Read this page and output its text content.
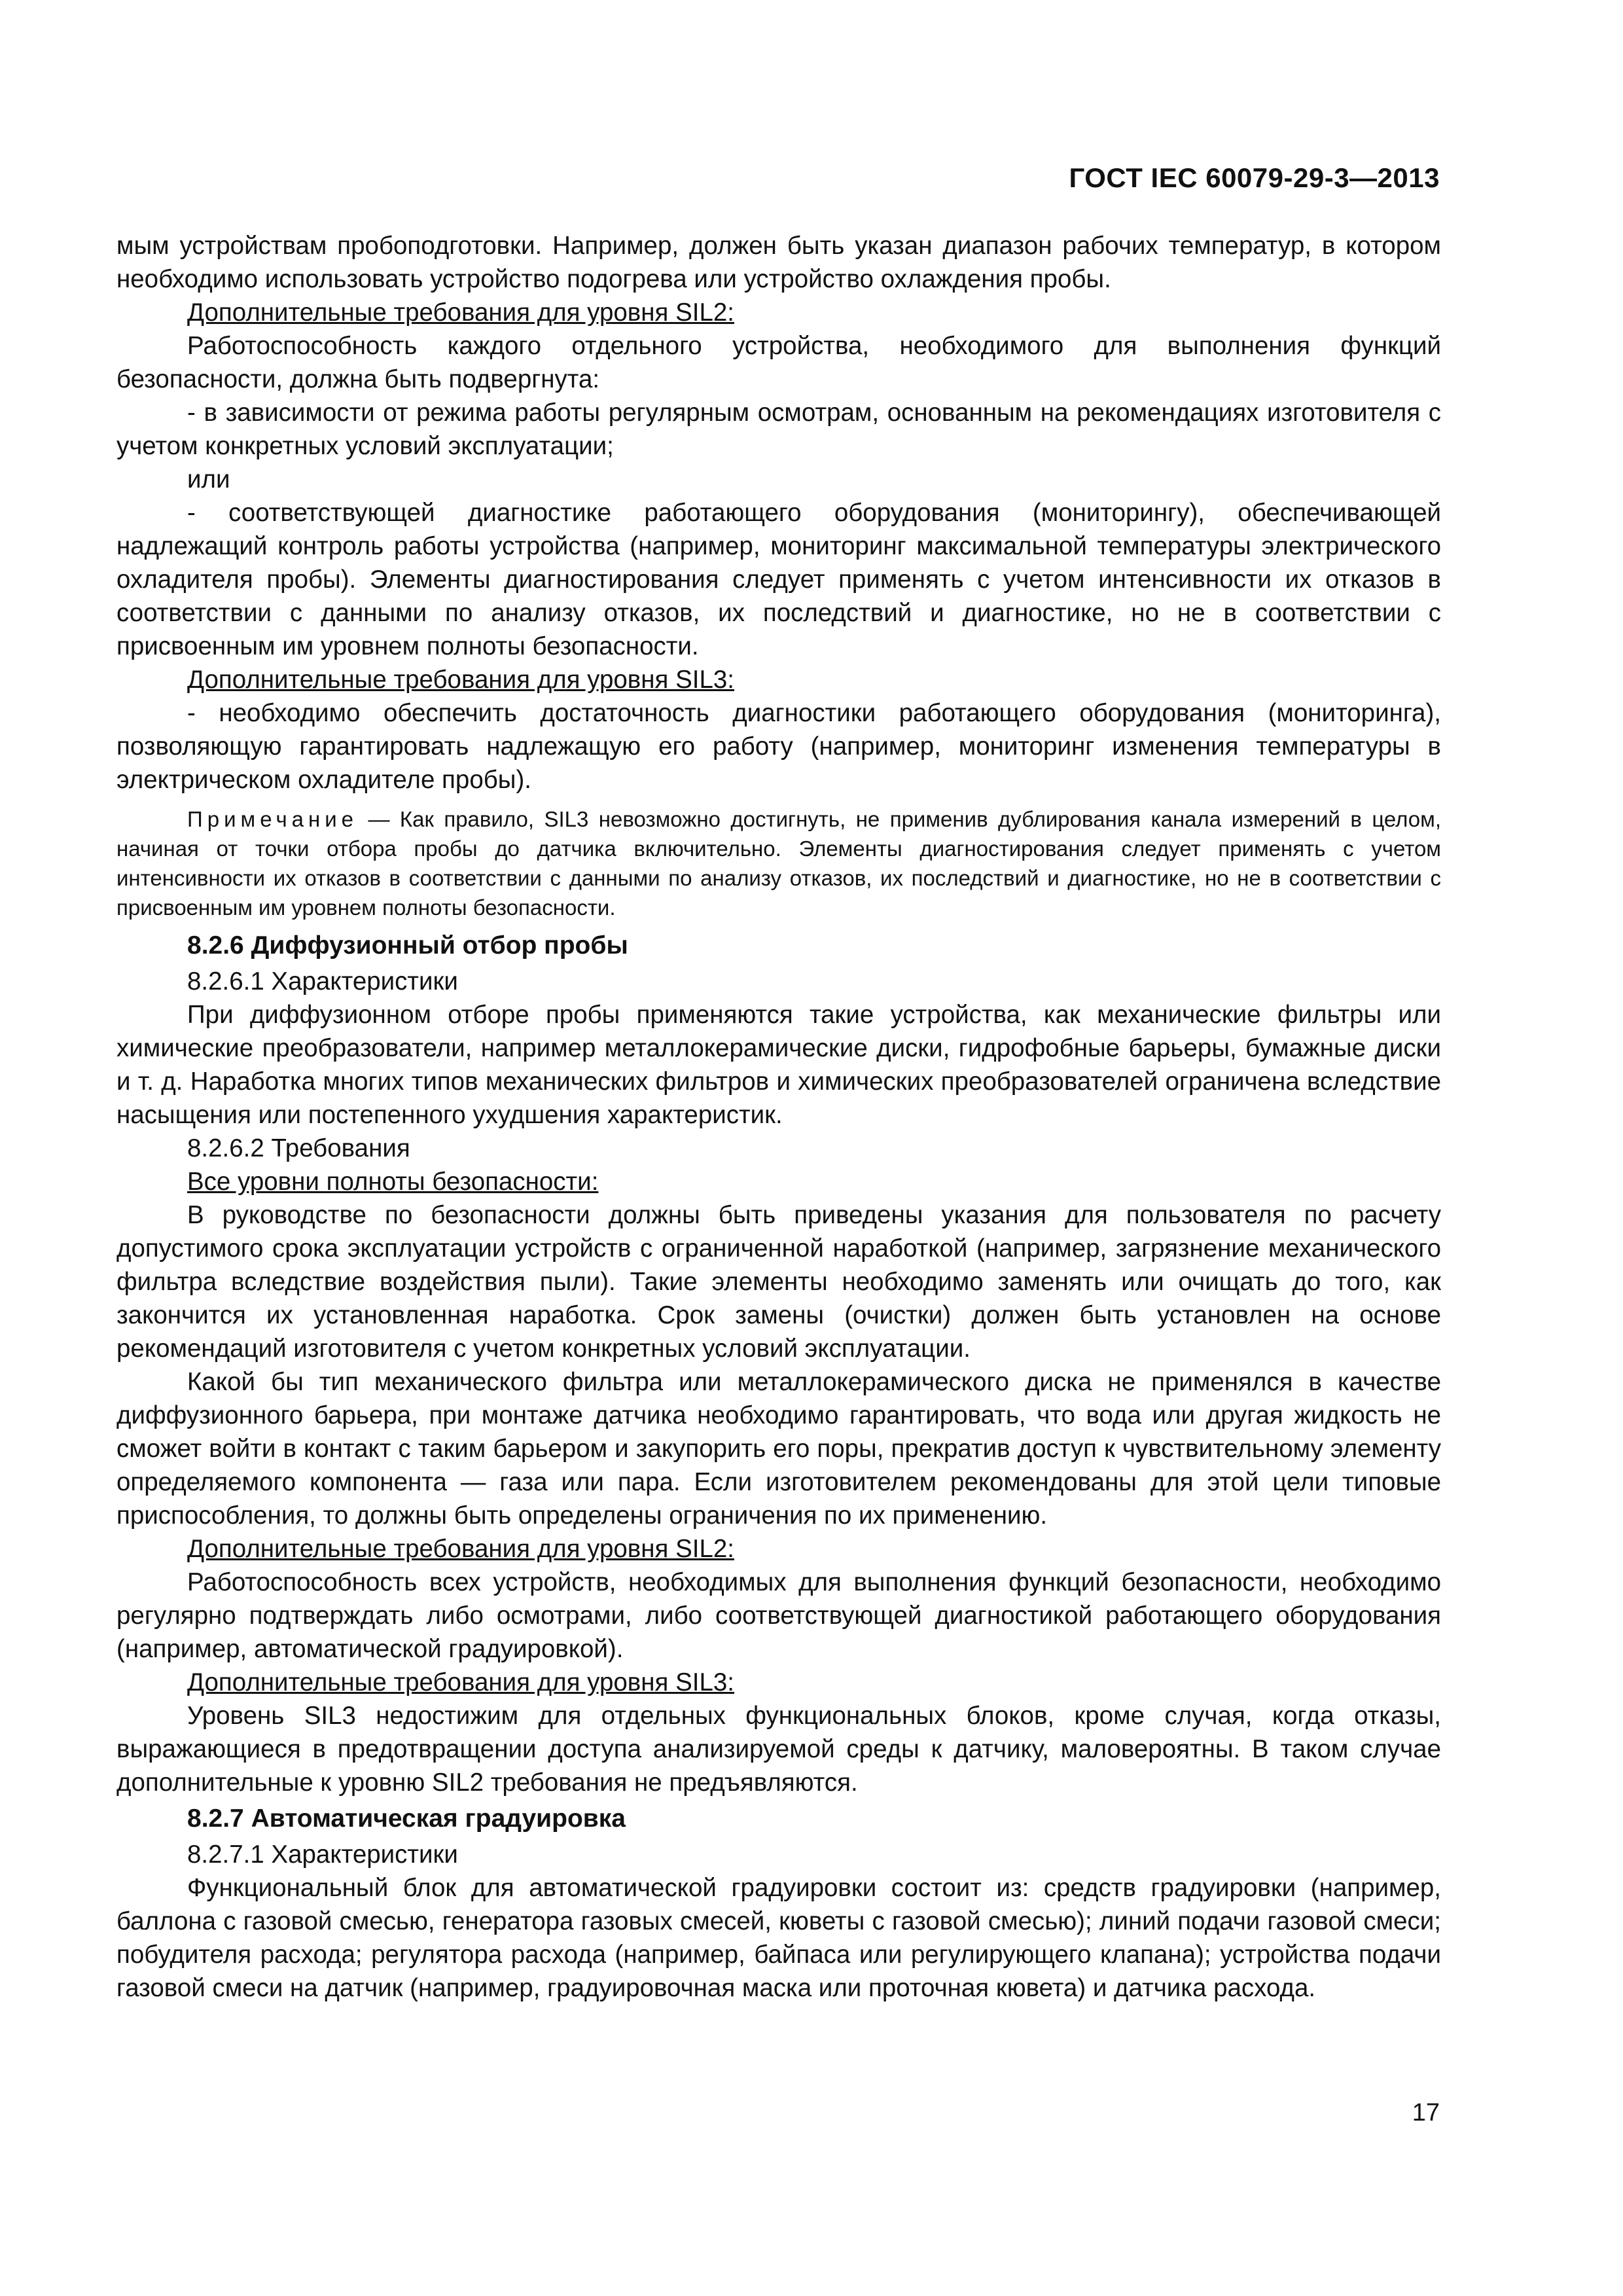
ГОСТ IEC 60079-29-3—2013

мым устройствам пробоподготовки. Например, должен быть указан диапазон рабочих температур, в котором необходимо использовать устройство подогрева или устройство охлаждения пробы.

Дополнительные требования для уровня SIL2:

Работоспособность каждого отдельного устройства, необходимого для выполнения функций безопасности, должна быть подвергнута:

- в зависимости от режима работы регулярным осмотрам, основанным на рекомендациях изготовителя с учетом конкретных условий эксплуатации;

или

- соответствующей диагностике работающего оборудования (мониторингу), обеспечивающей надлежащий контроль работы устройства (например, мониторинг максимальной температуры электрического охладителя пробы). Элементы диагностирования следует применять с учетом интенсивности их отказов в соответствии с данными по анализу отказов, их последствий и диагностике, но не в соответствии с присвоенным им уровнем полноты безопасности.

Дополнительные требования для уровня SIL3:

- необходимо обеспечить достаточность диагностики работающего оборудования (мониторинга), позволяющую гарантировать надлежащую его работу (например, мониторинг изменения температуры в электрическом охладителе пробы).

Примечание — Как правило, SIL3 невозможно достигнуть, не применив дублирования канала измерений в целом, начиная от точки отбора пробы до датчика включительно. Элементы диагностирования следует применять с учетом интенсивности их отказов в соответствии с данными по анализу отказов, их последствий и диагностике, но не в соответствии с присвоенным им уровнем полноты безопасности.

8.2.6 Диффузионный отбор пробы

8.2.6.1 Характеристики

При диффузионном отборе пробы применяются такие устройства, как механические фильтры или химические преобразователи, например металлокерамические диски, гидрофобные барьеры, бумажные диски и т. д. Наработка многих типов механических фильтров и химических преобразователей ограничена вследствие насыщения или постепенного ухудшения характеристик.

8.2.6.2 Требования

Все уровни полноты безопасности:

В руководстве по безопасности должны быть приведены указания для пользователя по расчету допустимого срока эксплуатации устройств с ограниченной наработкой (например, загрязнение механического фильтра вследствие воздействия пыли). Такие элементы необходимо заменять или очищать до того, как закончится их установленная наработка. Срок замены (очистки) должен быть установлен на основе рекомендаций изготовителя с учетом конкретных условий эксплуатации.

Какой бы тип механического фильтра или металлокерамического диска не применялся в качестве диффузионного барьера, при монтаже датчика необходимо гарантировать, что вода или другая жидкость не сможет войти в контакт с таким барьером и закупорить его поры, прекратив доступ к чувствительному элементу определяемого компонента — газа или пара. Если изготовителем рекомендованы для этой цели типовые приспособления, то должны быть определены ограничения по их применению.

Дополнительные требования для уровня SIL2:

Работоспособность всех устройств, необходимых для выполнения функций безопасности, необходимо регулярно подтверждать либо осмотрами, либо соответствующей диагностикой работающего оборудования (например, автоматической градуировкой).

Дополнительные требования для уровня SIL3:

Уровень SIL3 недостижим для отдельных функциональных блоков, кроме случая, когда отказы, выражающиеся в предотвращении доступа анализируемой среды к датчику, маловероятны. В таком случае дополнительные к уровню SIL2 требования не предъявляются.

8.2.7 Автоматическая градуировка

8.2.7.1 Характеристики

Функциональный блок для автоматической градуировки состоит из: средств градуировки (например, баллона с газовой смесью, генератора газовых смесей, кюветы с газовой смесью); линий подачи газовой смеси; побудителя расхода; регулятора расхода (например, байпаса или регулирующего клапана); устройства подачи газовой смеси на датчик (например, градуировочная маска или проточная кювета) и датчика расхода.

17
